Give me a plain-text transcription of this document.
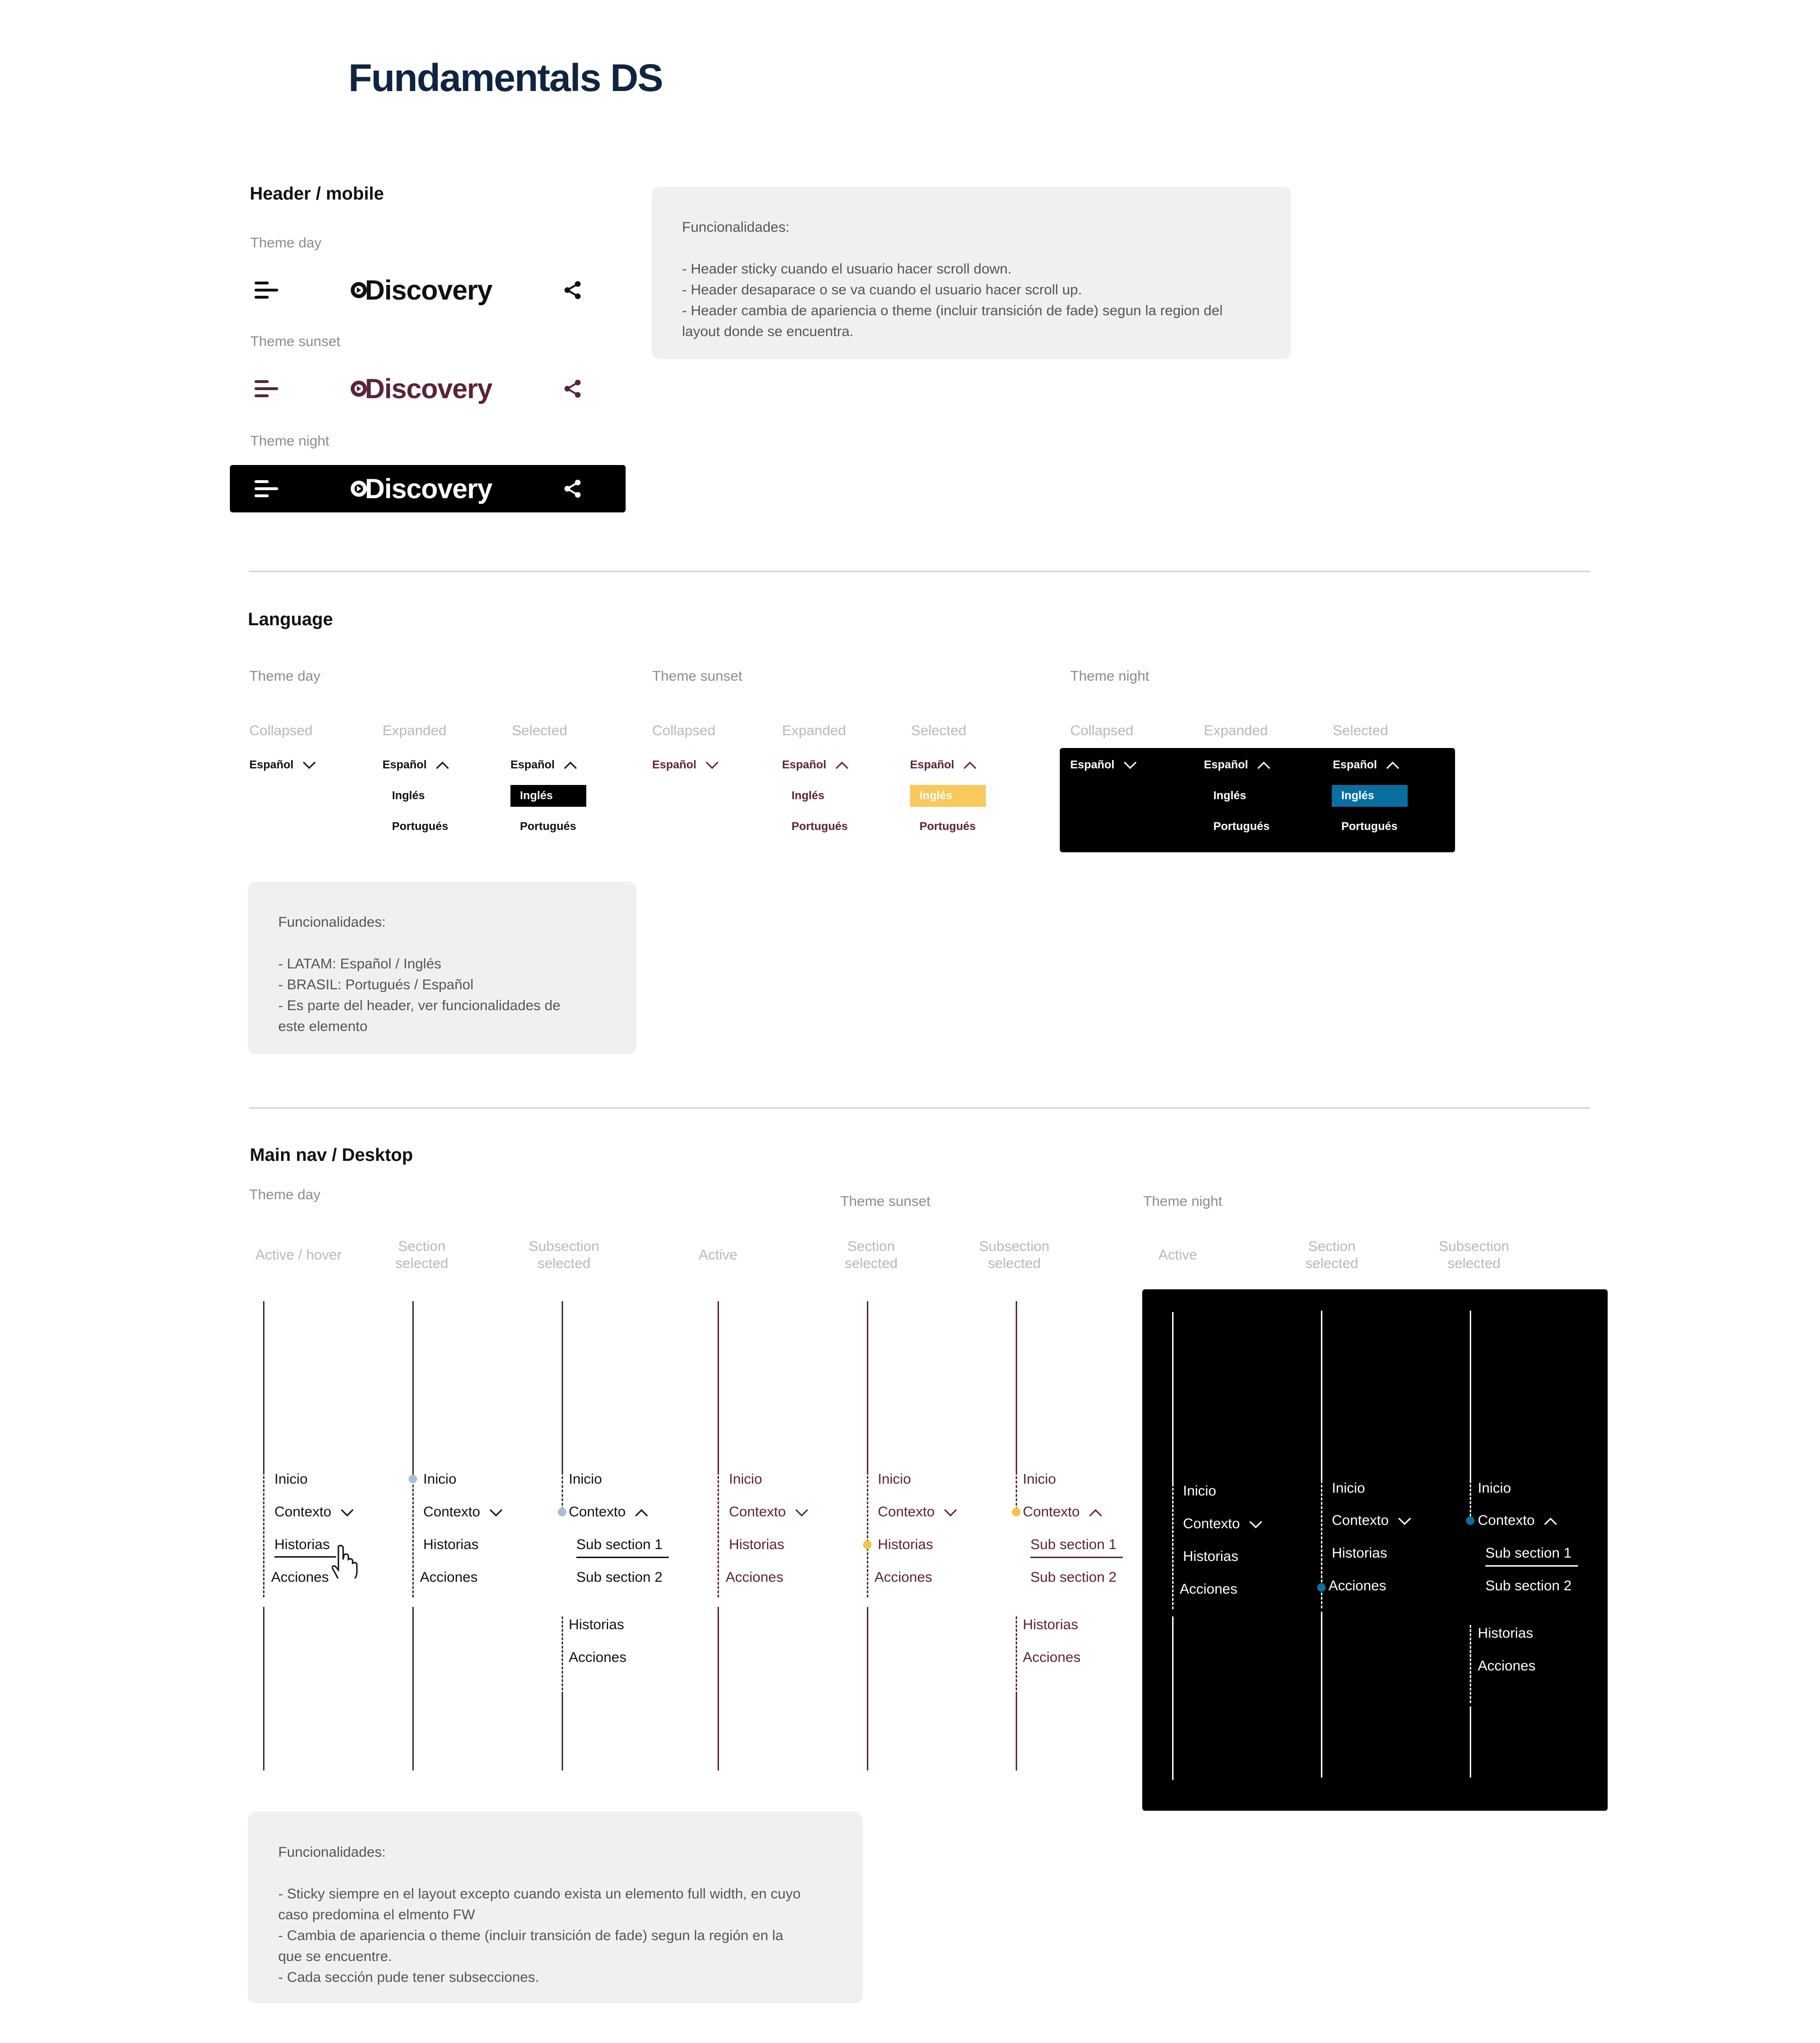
Fundamentals DS
Header / mobile
Theme day
Discovery
Theme sunset
Discovery
Theme night
Discovery

Funcionalidades:

- Header sticky cuando el usuario hacer scroll down.

- Header desaparace o se va cuando el usuario hacer scroll up.

- Header cambia de apariencia o theme (incluir transición de fade) segun la region del

layout donde se encuentra.

Language
Theme day	Theme sunset	Theme night
Collapsed	Expanded	Selected	Collapsed	Expanded	Selected	Collapsed	Expanded	Selected
Español	Español
Inglés
Portugués
Español
Inglés
Portugués
Español	Español
Inglés
Portugués
Español
Inglés
Portugués
Español	Español
Inglés
Portugués
Español
Inglés
Portugués

Funcionalidades:

- LATAM: Español / Inglés

- BRASIL: Portugués / Español

- Es parte del header, ver funcionalidades de

este elemento

Main nav / Desktop
Theme day	Theme sunset	Theme night
Active / hover
Section
selected
Subsection
selected
Active
Section
selected
Subsection
selected
Active
Section
selected
Subsection
selected
Inicio
Contexto
Historias
Acciones
Inicio
Contexto
Historias
Acciones
Inicio
Contexto
Sub section 1
Sub section 2
Historias
Acciones
Inicio
Contexto
Historias
Acciones
Inicio
Contexto
Historias
Acciones
Inicio
Contexto
Sub section 1
Sub section 2
Historias
Acciones
Inicio
Contexto
Historias
Acciones
Inicio
Contexto
Historias
Acciones
Inicio
Contexto
Sub section 1
Sub section 2
Historias
Acciones

Funcionalidades:

- Sticky siempre en el layout excepto cuando exista un elemento full width, en cuyo

caso predomina el elmento FW

- Cambia de apariencia o theme (incluir transición de fade) segun la región en la

que se encuentre.

- Cada sección pude tener subsecciones.
